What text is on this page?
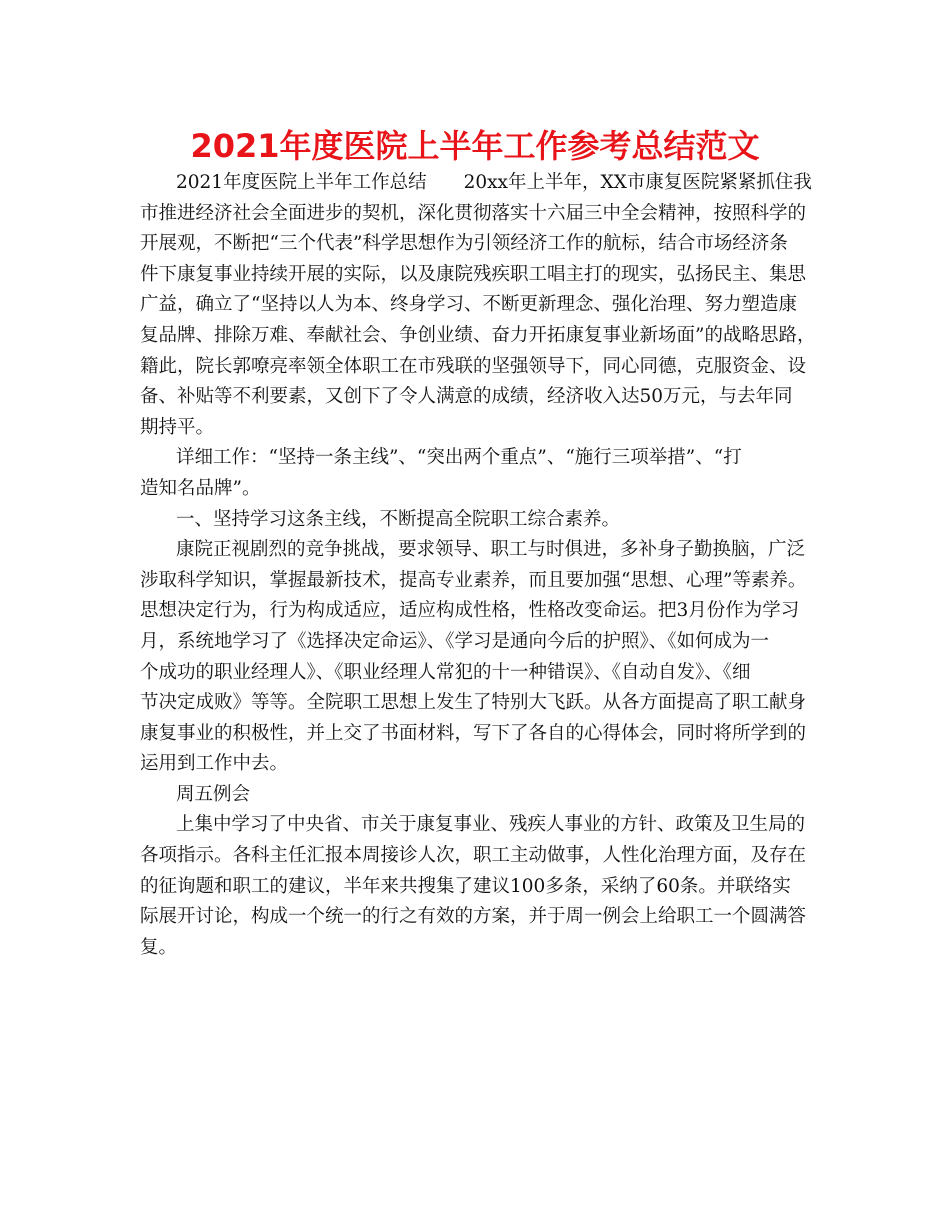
2021年度医院上半年工作参考总结范文
2021年度医院上半年工作总结　　20xx年上半年，XX市康复医院紧紧抓住我
市推进经济社会全面进步的契机，深化贯彻落实十六届三中全会精神，按照科学的
开展观，不断把“三个代表”科学思想作为引领经济工作的航标，结合市场经济条
件下康复事业持续开展的实际，以及康院残疾职工唱主打的现实，弘扬民主、集思
广益，确立了“坚持以人为本、终身学习、不断更新理念、强化治理、努力塑造康
复品牌、排除万难、奉献社会、争创业绩、奋力开拓康复事业新场面”的战略思路，
籍此，院长郭嘹亮率领全体职工在市残联的坚强领导下，同心同德，克服资金、设
备、补贴等不利要素，又创下了令人满意的成绩，经济收入达50万元，与去年同
期持平。
详细工作：“坚持一条主线”、“突出两个重点”、“施行三项举措”、“打
造知名品牌”。
一、坚持学习这条主线，不断提高全院职工综合素养。
康院正视剧烈的竞争挑战，要求领导、职工与时俱进，多补身子勤换脑，广泛
涉取科学知识，掌握最新技术，提高专业素养，而且要加强“思想、心理”等素养。
思想决定行为，行为构成适应，适应构成性格，性格改变命运。把3月份作为学习
月，系统地学习了《选择决定命运》、《学习是通向今后的护照》、《如何成为一
个成功的职业经理人》、《职业经理人常犯的十一种错误》、《自动自发》、《细
节决定成败》等等。全院职工思想上发生了特别大飞跃。从各方面提高了职工献身
康复事业的积极性，并上交了书面材料，写下了各自的心得体会，同时将所学到的
运用到工作中去。
周五例会
上集中学习了中央省、市关于康复事业、残疾人事业的方针、政策及卫生局的
各项指示。各科主任汇报本周接诊人次，职工主动做事，人性化治理方面，及存在
的征询题和职工的建议，半年来共搜集了建议100多条，采纳了60条。并联络实
际展开讨论，构成一个统一的行之有效的方案，并于周一例会上给职工一个圆满答
复。
